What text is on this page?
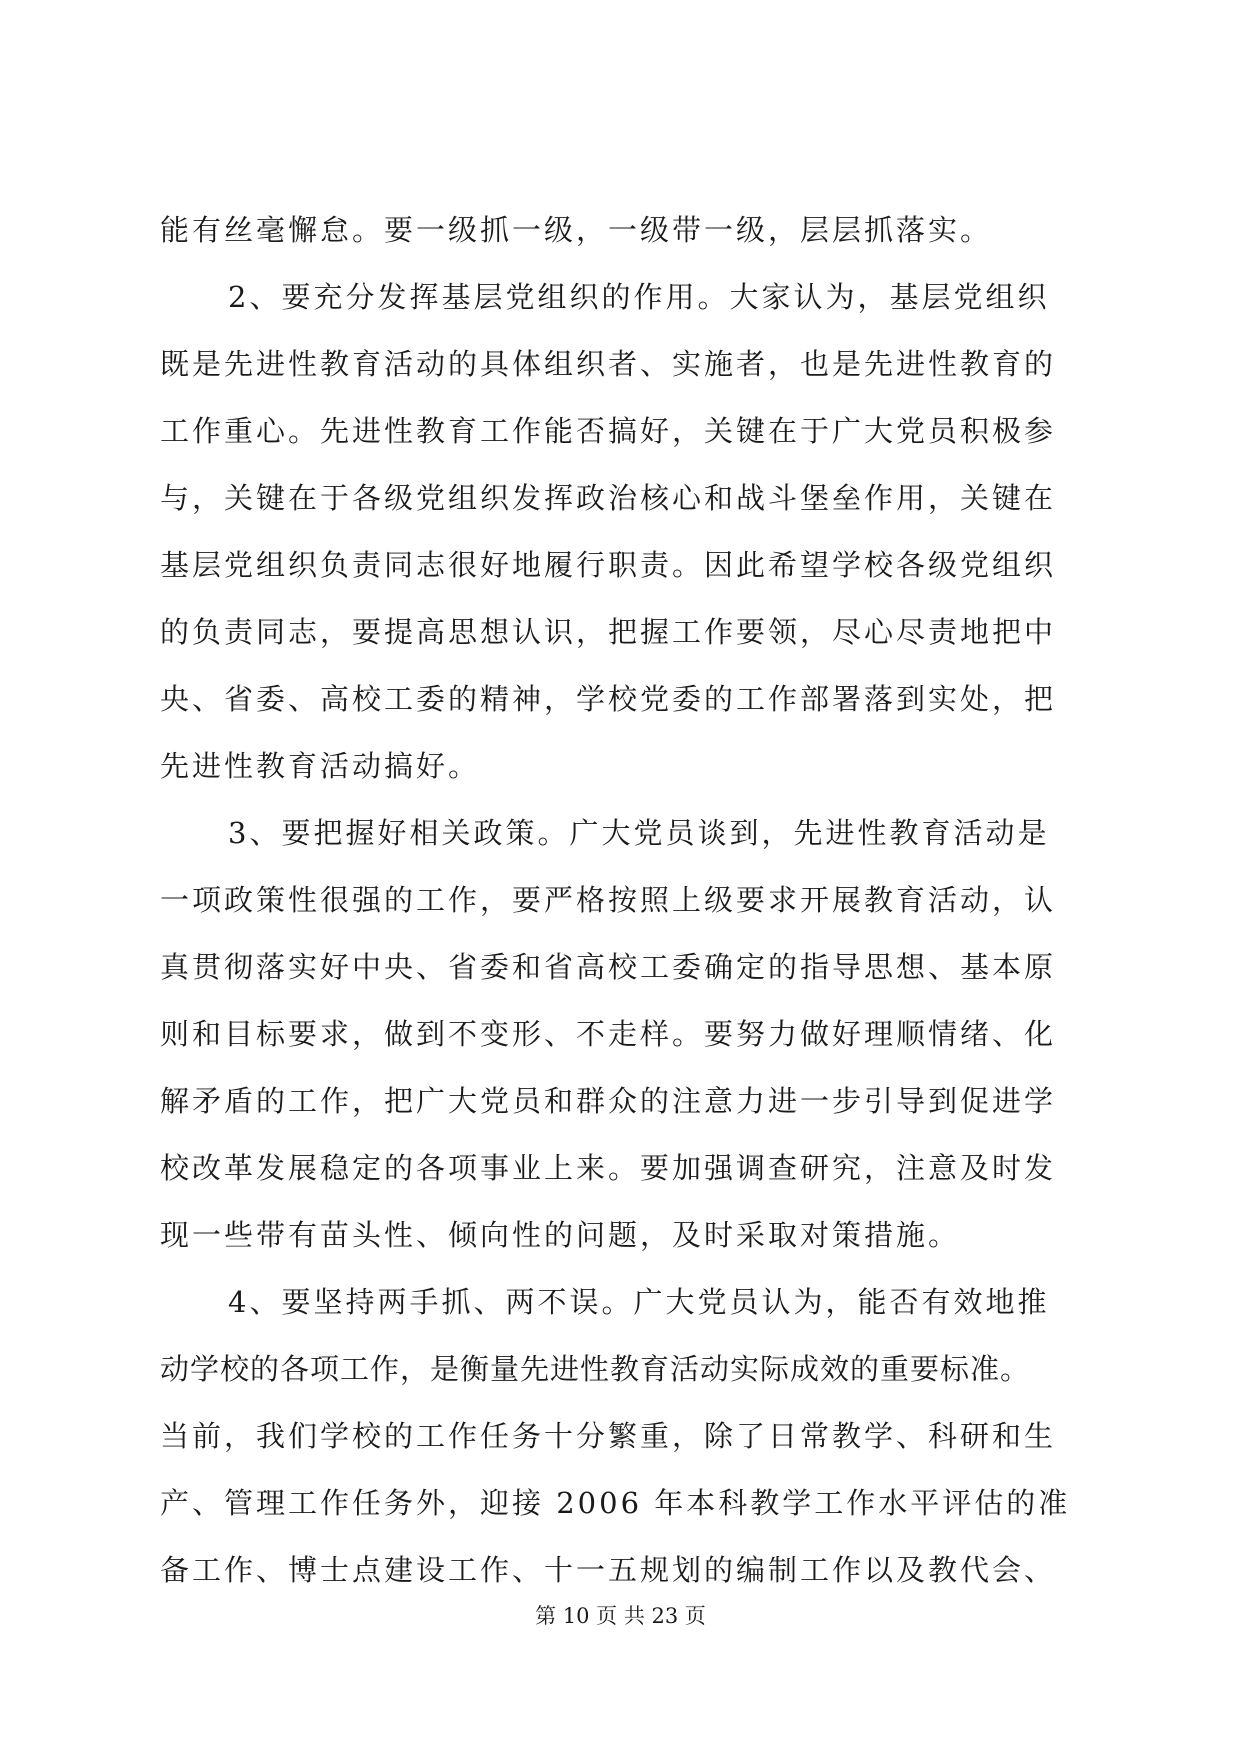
能有丝毫懈怠。要一级抓一级，一级带一级，层层抓落实。
2、要充分发挥基层党组织的作用。大家认为，基层党组织
既是先进性教育活动的具体组织者、实施者，也是先进性教育的
工作重心。先进性教育工作能否搞好，关键在于广大党员积极参
与，关键在于各级党组织发挥政治核心和战斗堡垒作用，关键在
基层党组织负责同志很好地履行职责。因此希望学校各级党组织
的负责同志，要提高思想认识，把握工作要领，尽心尽责地把中
央、省委、高校工委的精神，学校党委的工作部署落到实处，把
先进性教育活动搞好。
3、要把握好相关政策。广大党员谈到，先进性教育活动是
一项政策性很强的工作，要严格按照上级要求开展教育活动，认
真贯彻落实好中央、省委和省高校工委确定的指导思想、基本原
则和目标要求，做到不变形、不走样。要努力做好理顺情绪、化
解矛盾的工作，把广大党员和群众的注意力进一步引导到促进学
校改革发展稳定的各项事业上来。要加强调查研究，注意及时发
现一些带有苗头性、倾向性的问题，及时采取对策措施。
4、要坚持两手抓、两不误。广大党员认为，能否有效地推
动学校的各项工作，是衡量先进性教育活动实际成效的重要标准。
当前，我们学校的工作任务十分繁重，除了日常教学、科研和生
产、管理工作任务外，迎接 2006 年本科教学工作水平评估的准
备工作、博士点建设工作、十一五规划的编制工作以及教代会、
第 10 页 共 23 页
